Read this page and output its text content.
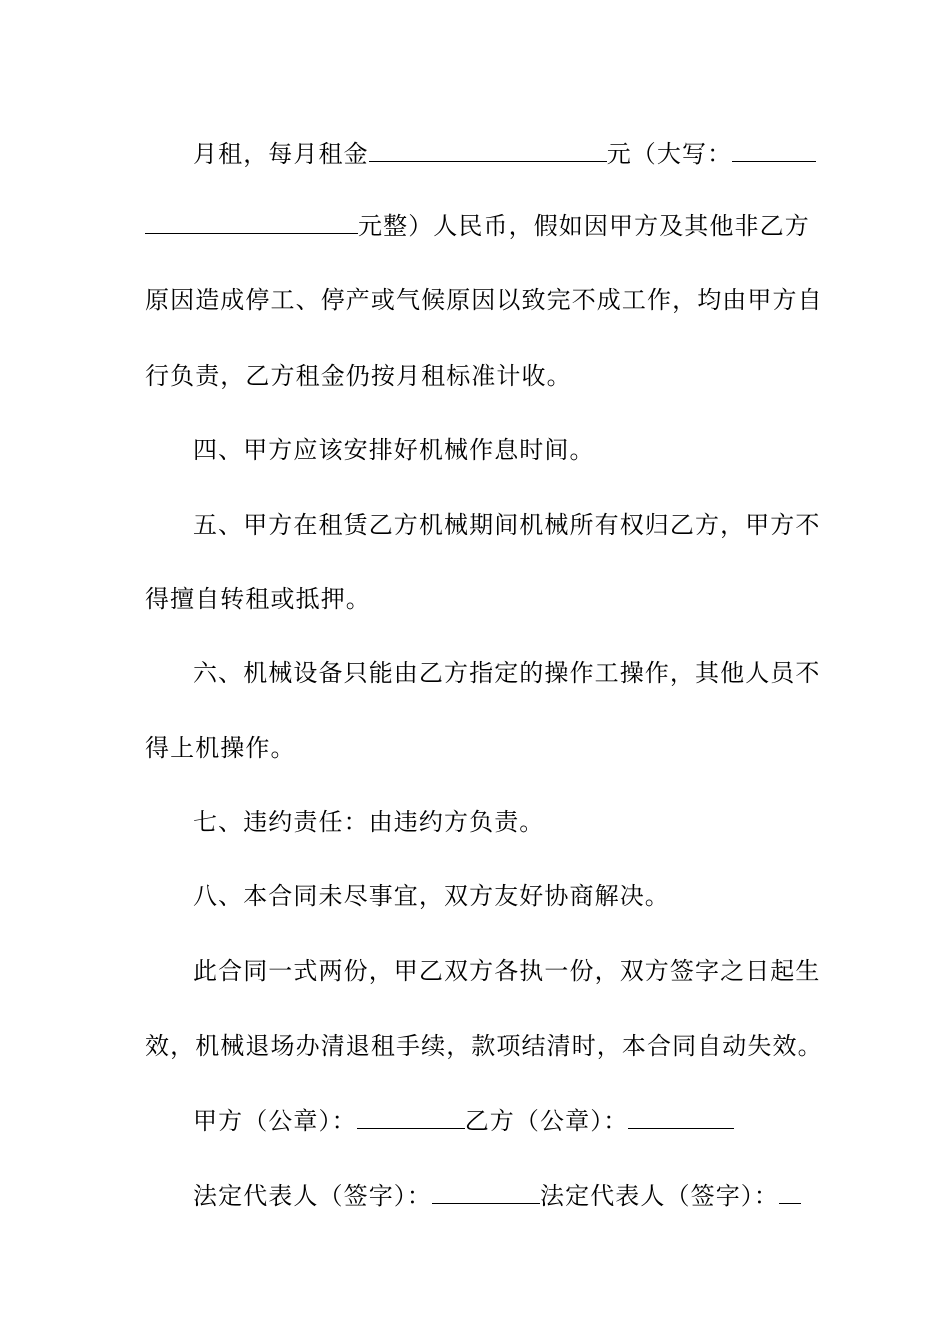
月租，每月租金	元（大写：
元整）人民币，假如因甲方及其他非乙方
原因造成停工、停产或气候原因以致完不成工作，均由甲方自
行负责，乙方租金仍按月租标准计收。
四、甲方应该安排好机械作息时间。
五、甲方在租赁乙方机械期间机械所有权归乙方，甲方不
得擅自转租或抵押。
六、机械设备只能由乙方指定的操作工操作，其他人员不
得上机操作。
七、违约责任：由违约方负责。
八、本合同未尽事宜，双方友好协商解决。
此合同一式两份，甲乙双方各执一份，双方签字之日起生
效，机械退场办清退租手续，款项结清时，本合同自动失效。
甲方（公章）：	乙方（公章）：
法定代表人（签字）：	法定代表人（签字）：
